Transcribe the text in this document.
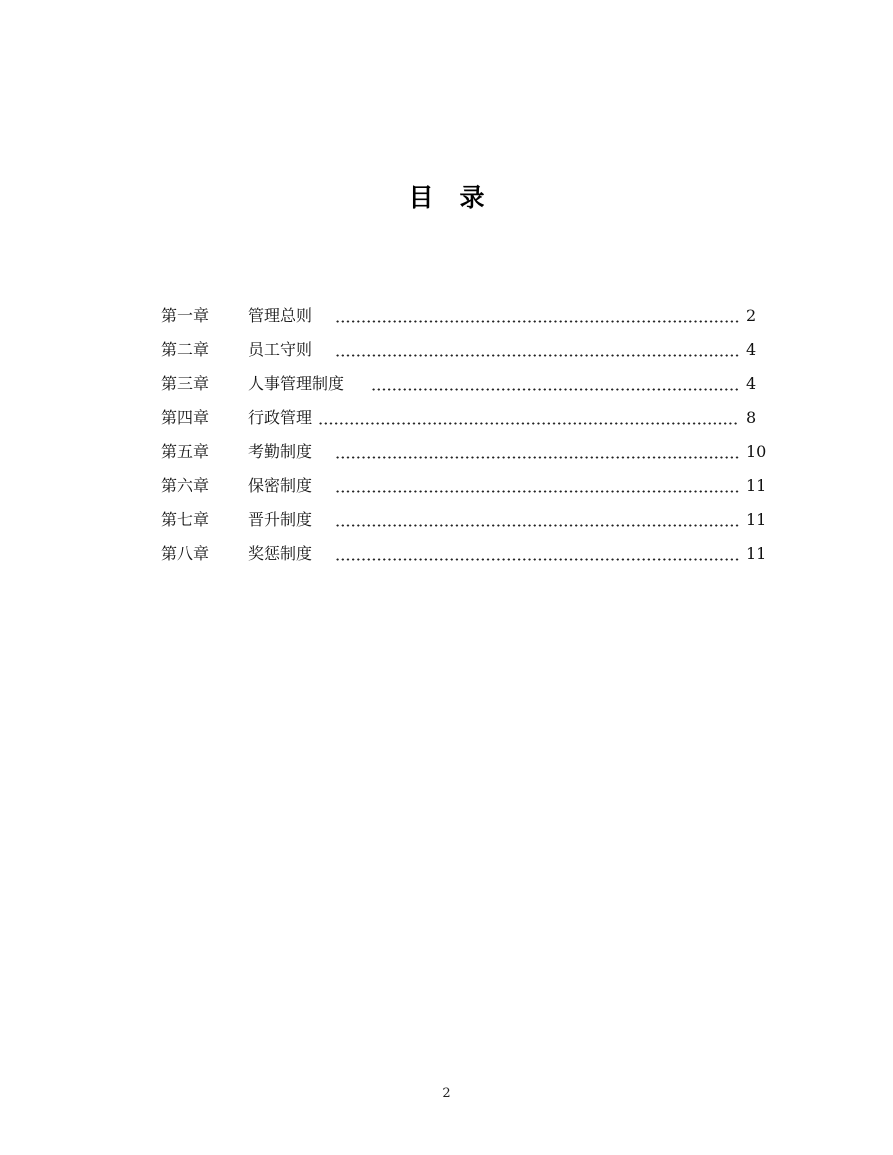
目录
第一章 管理总则	2
第二章 员工守则	4
第三章 人事管理制度	4
第四章 行政管理	8
第五章 考勤制度	10
第六章 保密制度	11
第七章 晋升制度	11
第八章 奖惩制度	11
2
